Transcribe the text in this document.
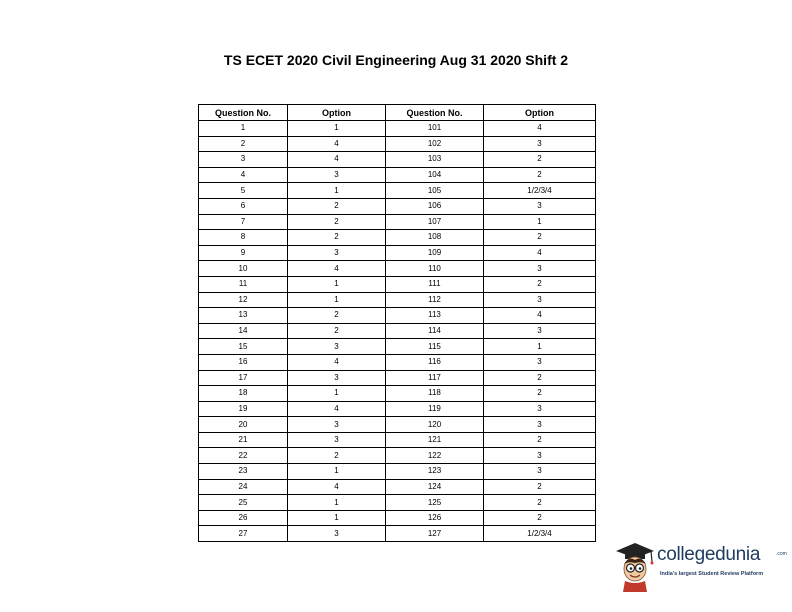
TS ECET 2020 Civil Engineering Aug 31 2020 Shift 2
Question No.	Option	Question No.	Option
1	1	101	4
2	4	102	3
3	4	103	2
4	3	104	2
5	1	105	1/2/3/4
6	2	106	3
7	2	107	1
8	2	108	2
9	3	109	4
10	4	110	3
11	1	111	2
12	1	112	3
13	2	113	4
14	2	114	3
15	3	115	1
16	4	116	3
17	3	117	2
18	1	118	2
19	4	119	3
20	3	120	3
21	3	121	2
22	2	122	3
23	1	123	3
24	4	124	2
25	1	125	2
26	1	126	2
27	3	127	1/2/3/4
collegedunia	.com
India's largest Student Review Platform
